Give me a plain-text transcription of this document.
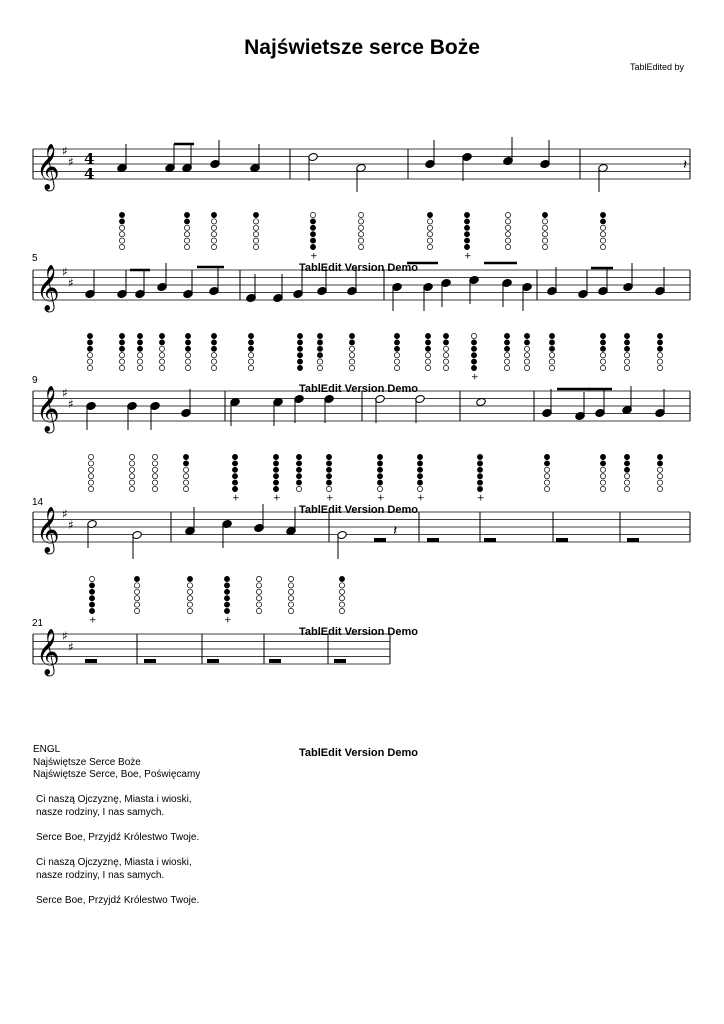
Najświetsze serce Boże
TablEdited by
𝄞 ♯
♯
𝄞 ♯
♯
𝄞 ♯
♯
𝄞 ♯
♯
𝄞 ♯
♯
𝄽
𝄽
+	+
+
+	+	+	+	+	+
+	+
4
4
5
9
14
21
TablEdit Version Demo
TablEdit Version Demo
TablEdit Version Demo
TablEdit Version Demo
TablEdit Version Demo
ENGL
Najświętsze Serce Boże
Najświętsze Serce, Boe, Poświęcamy
Ci naszą Ojczyznę, Miasta i wioski,
nasze rodziny, I nas samych.
Serce Boe, Przyjdź Królestwo Twoje.
Ci naszą Ojczyznę, Miasta i wioski,
nasze rodziny, I nas samych.
Serce Boe, Przyjdź Królestwo Twoje.
